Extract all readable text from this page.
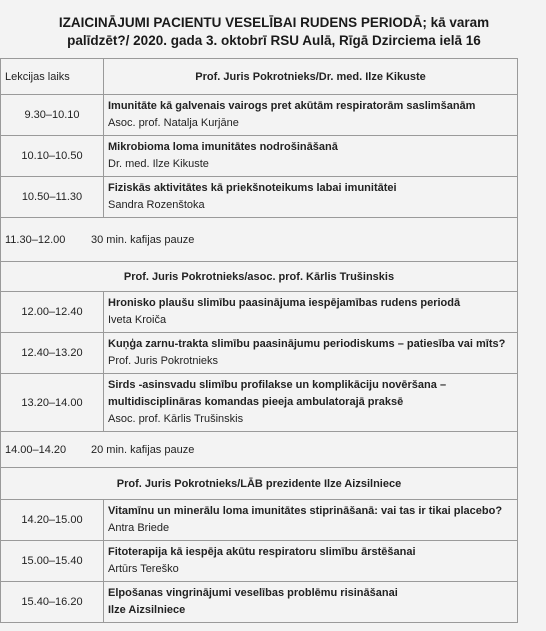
IZAICINĀJUMI PACIENTU VESELĪBAI RUDENS PERIODĀ; kā varam
palīdzēt?/ 2020. gada 3. oktobrī RSU Aulā, Rīgā Dzirciema ielā 16
Lekcijas laiks	Prof. Juris Pokrotnieks/Dr. med. Ilze Kikuste
9.30–10.10	Imunitāte kā galvenais vairogs pret akūtām respiratorām saslimšanām
Asoc. prof. Natalja Kurjāne

10.10–10.50	Mikrobioma loma imunitātes nodrošināšanā
Dr. med. Ilze Kikuste

10.50–11.30	Fiziskās aktivitātes kā priekšnoteikums labai imunitātei
Sandra Rozenštoka

11.30–12.00 30 min. kafijas pauze	
Prof. Juris Pokrotnieks/asoc. prof. Kārlis Trušinskis	
12.00–12.40	Hronisko plaušu slimību paasinājuma iespējamības rudens periodā
Iveta Kroiča

12.40–13.20	Kuņģa zarnu-trakta slimību paasinājumu periodiskums – patiesība vai mīts?
Prof. Juris Pokrotnieks

13.20–14.00	Sirds -asinsvadu slimību profilakse un komplikāciju novēršana – multidisciplināras komandas pieeja ambulatorajā praksē
Asoc. prof. Kārlis Trušinskis

14.00–14.20 20 min. kafijas pauze	
Prof. Juris Pokrotnieks/LĀB prezidente Ilze Aizsilniece	
14.20–15.00	Vitamīnu un minerālu loma imunitātes stiprināšanā: vai tas ir tikai placebo?
Antra Briede

15.00–15.40	Fitoterapija kā iespēja akūtu respiratoru slimību ārstēšanai
Artūrs Tereško

15.40–16.20	Elpošanas vingrinājumi veselības problēmu risināšanai
Ilze Aizsilniece
